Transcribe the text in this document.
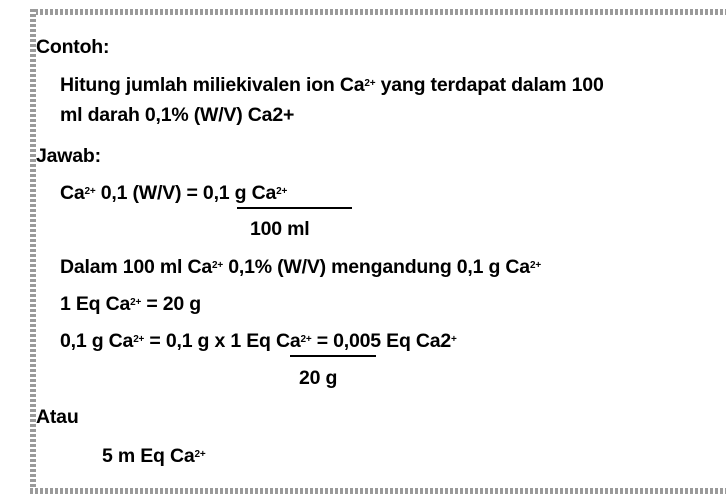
Contoh:
Hitung jumlah miliekivalen ion $Ca^{2+}$ yang terdapat dalam 100
ml darah 0,1% (W/V) Ca2+
Jawab:
$Ca^{2+}$ 0,1 (W/V) = 0,1 g $Ca^{2+}$
100 ml
Dalam 100 ml $Ca^{2+}$ 0,1% (W/V) mengandung 0,1 g $Ca^{2+}$
1 Eq $Ca^{2+} = 20$ g
0,1 g $Ca^{2+} = 0,1$ g x 1 Eq $Ca^{2+} = 0,005$ Eq Ca2+
20 g
Atau
5 m Eq $Ca^{2+}$
